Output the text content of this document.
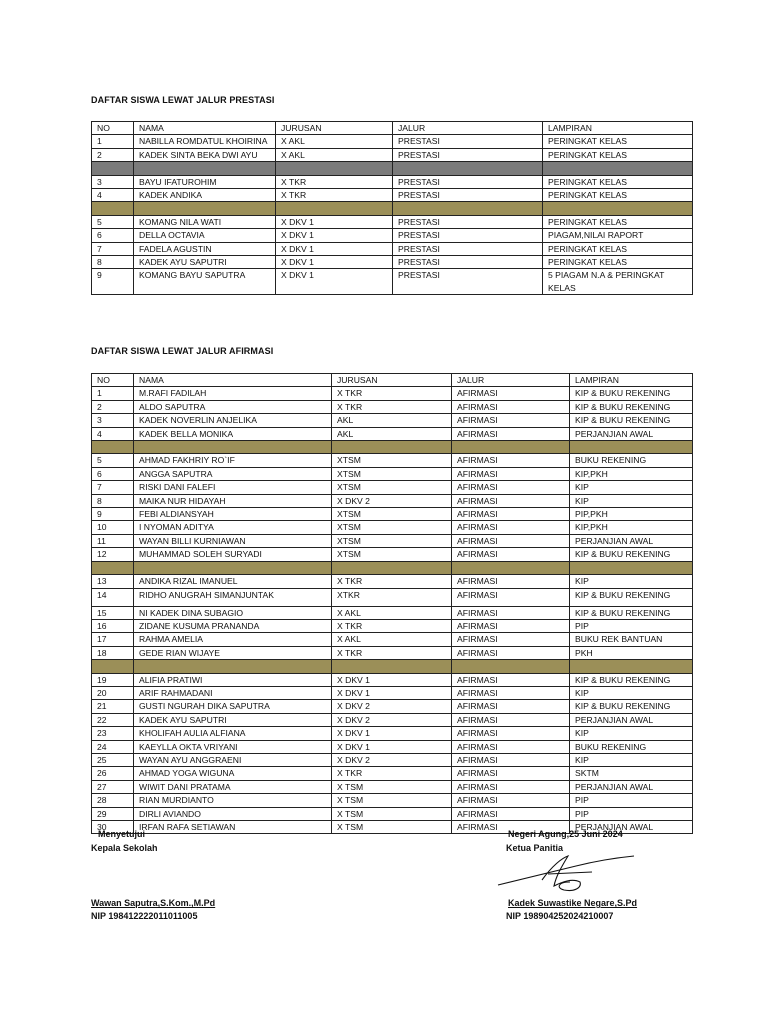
DAFTAR SISWA LEWAT JALUR PRESTASI
NO	NAMA	JURUSAN	JALUR	LAMPIRAN
1	NABILLA ROMDATUL KHOIRINA	X AKL	PRESTASI	PERINGKAT KELAS
2	KADEK SINTA BEKA DWI AYU	X AKL	PRESTASI	PERINGKAT KELAS

3	BAYU IFATUROHIM	X TKR	PRESTASI	PERINGKAT KELAS
4	KADEK ANDIKA	X TKR	PRESTASI	PERINGKAT KELAS

5	KOMANG NILA WATI	X DKV 1	PRESTASI	PERINGKAT KELAS
6	DELLA OCTAVIA	X DKV 1	PRESTASI	PIAGAM,NILAI RAPORT
7	FADELA AGUSTIN	X DKV 1	PRESTASI	PERINGKAT KELAS
8	KADEK AYU SAPUTRI	X DKV 1	PRESTASI	PERINGKAT KELAS
9	KOMANG BAYU SAPUTRA	X DKV 1	PRESTASI	5 PIAGAM N.A & PERINGKAT KELAS
DAFTAR SISWA LEWAT JALUR AFIRMASI
NO	NAMA	JURUSAN	JALUR	LAMPIRAN
1	M.RAFI FADILAH	X TKR	AFIRMASI	KIP & BUKU REKENING
2	ALDO SAPUTRA	X TKR	AFIRMASI	KIP & BUKU REKENING
3	KADEK NOVERLIN ANJELIKA	AKL	AFIRMASI	KIP & BUKU REKENING
4	KADEK BELLA MONIKA	AKL	AFIRMASI	PERJANJIAN AWAL

5	AHMAD FAKHRIY RO`IF	XTSM	AFIRMASI	BUKU REKENING
6	ANGGA SAPUTRA	XTSM	AFIRMASI	KIP,PKH
7	RISKI DANI FALEFI	XTSM	AFIRMASI	KIP
8	MAIKA NUR HIDAYAH	X DKV 2	AFIRMASI	KIP
9	FEBI ALDIANSYAH	XTSM	AFIRMASI	PIP,PKH
10	I NYOMAN ADITYA	XTSM	AFIRMASI	KIP,PKH
11	WAYAN BILLI KURNIAWAN	XTSM	AFIRMASI	PERJANJIAN AWAL
12	MUHAMMAD SOLEH SURYADI	XTSM	AFIRMASI	KIP & BUKU REKENING

13	ANDIKA RIZAL IMANUEL	X TKR	AFIRMASI	KIP
14	RIDHO ANUGRAH SIMANJUNTAK	XTKR	AFIRMASI	KIP & BUKU REKENING
15	NI KADEK DINA SUBAGIO	X AKL	AFIRMASI	KIP & BUKU REKENING
16	ZIDANE KUSUMA PRANANDA	X TKR	AFIRMASI	PIP
17	RAHMA AMELIA	X AKL	AFIRMASI	BUKU REK BANTUAN
18	GEDE RIAN WIJAYE	X TKR	AFIRMASI	PKH

19	ALIFIA PRATIWI	X DKV 1	AFIRMASI	KIP & BUKU REKENING
20	ARIF RAHMADANI	X DKV 1	AFIRMASI	KIP
21	GUSTI NGURAH DIKA SAPUTRA	X DKV 2	AFIRMASI	KIP & BUKU REKENING
22	KADEK AYU SAPUTRI	X DKV 2	AFIRMASI	PERJANJIAN AWAL
23	KHOLIFAH AULIA ALFIANA	X DKV 1	AFIRMASI	KIP
24	KAEYLLA OKTA VRIYANI	X DKV 1	AFIRMASI	BUKU REKENING
25	WAYAN AYU ANGGRAENI	X DKV 2	AFIRMASI	KIP
26	AHMAD YOGA WIGUNA	X TKR	AFIRMASI	SKTM
27	WIWIT DANI PRATAMA	X TSM	AFIRMASI	PERJANJIAN AWAL
28	RIAN MURDIANTO	X TSM	AFIRMASI	PIP
29	DIRLI AVIANDO	X TSM	AFIRMASI	PIP
30	IRFAN RAFA SETIAWAN	X TSM	AFIRMASI	PERJANJIAN AWAL
Menyetujui
Kepala Sekolah
Wawan Saputra,S.Kom.,M.Pd
NIP 198412222011011005
Negeri Agung,25 Juni 2024
Ketua Panitia
Kadek Suwastike Negare,S.Pd
NIP 198904252024210007
